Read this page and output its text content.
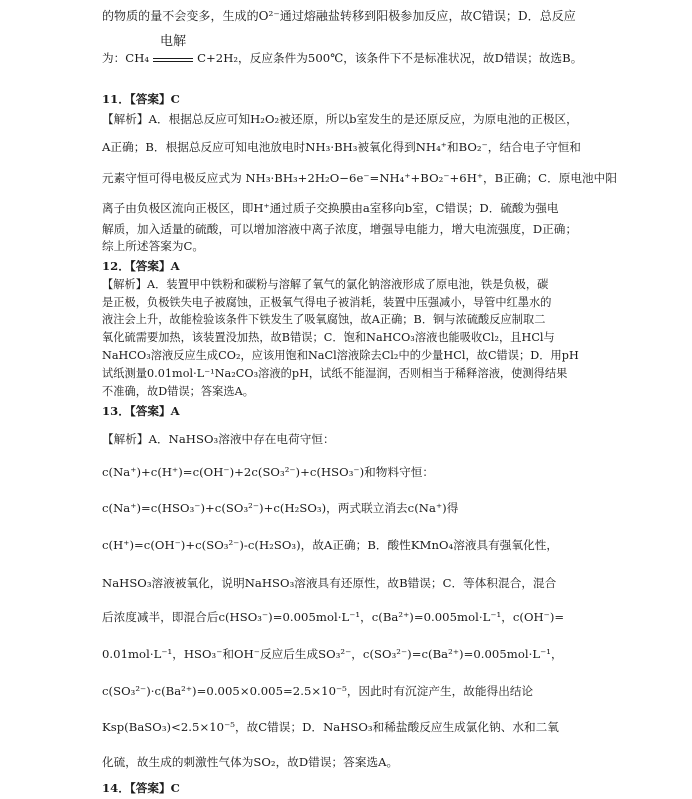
的物质的量不会变多，生成的O²⁻通过熔融盐转移到阳极参加反应，故C错误；D．总反应
为：CH₄
电解
C+2H₂，反应条件为500℃，该条件下不是标准状况，故D错误；故选B。
11．【答案】C
【解析】A．根据总反应可知H₂O₂被还原，所以b室发生的是还原反应，为原电池的正极区，
A正确；B．根据总反应可知电池放电时NH₃·BH₃被氧化得到NH₄⁺和BO₂⁻，结合电子守恒和
元素守恒可得电极反应式为 NH₃·BH₃+2H₂O−6e⁻=NH₄⁺+BO₂⁻+6H⁺，B正确；C．原电池中阳
离子由负极区流向正极区，即H⁺通过质子交换膜由a室移向b室，C错误；D．硫酸为强电
解质，加入适量的硫酸，可以增加溶液中离子浓度，增强导电能力，增大电流强度，D正确；
综上所述答案为C。
12．【答案】A
【解析】A．装置甲中铁粉和碳粉与溶解了氧气的氯化钠溶液形成了原电池，铁是负极，碳
是正极，负极铁失电子被腐蚀，正极氧气得电子被消耗，装置中压强减小，导管中红墨水的
液注会上升，故能检验该条件下铁发生了吸氧腐蚀，故A正确；B．铜与浓硫酸反应制取二
氧化硫需要加热，该装置没加热，故B错误；C．饱和NaHCO₃溶液也能吸收Cl₂，且HCl与
NaHCO₃溶液反应生成CO₂，应该用饱和NaCl溶液除去Cl₂中的少量HCl，故C错误；D．用pH
试纸测量0.01mol·L⁻¹Na₂CO₃溶液的pH，试纸不能湿润，否则相当于稀释溶液，使测得结果
不准确，故D错误；答案选A。
13．【答案】A
【解析】A．NaHSO₃溶液中存在电荷守恒：
c(Na⁺)+c(H⁺)=c(OH⁻)+2c(SO₃²⁻)+c(HSO₃⁻)和物料守恒：
c(Na⁺)=c(HSO₃⁻)+c(SO₃²⁻)+c(H₂SO₃)，两式联立消去c(Na⁺)得
c(H⁺)=c(OH⁻)+c(SO₃²⁻)-c(H₂SO₃)，故A正确；B．酸性KMnO₄溶液具有强氧化性，
NaHSO₃溶液被氧化，说明NaHSO₃溶液具有还原性，故B错误；C．等体积混合，混合
后浓度减半，即混合后c(HSO₃⁻)=0.005mol·L⁻¹，c(Ba²⁺)=0.005mol·L⁻¹，c(OH⁻)=
0.01mol·L⁻¹，HSO₃⁻和OH⁻反应后生成SO₃²⁻，c(SO₃²⁻)=c(Ba²⁺)=0.005mol·L⁻¹，
c(SO₃²⁻)·c(Ba²⁺)=0.005×0.005=2.5×10⁻⁵，因此时有沉淀产生，故能得出结论
Ksp(BaSO₃)<2.5×10⁻⁵，故C错误；D．NaHSO₃和稀盐酸反应生成氯化钠、水和二氧
化硫，故生成的刺激性气体为SO₂，故D错误；答案选A。
14．【答案】C
